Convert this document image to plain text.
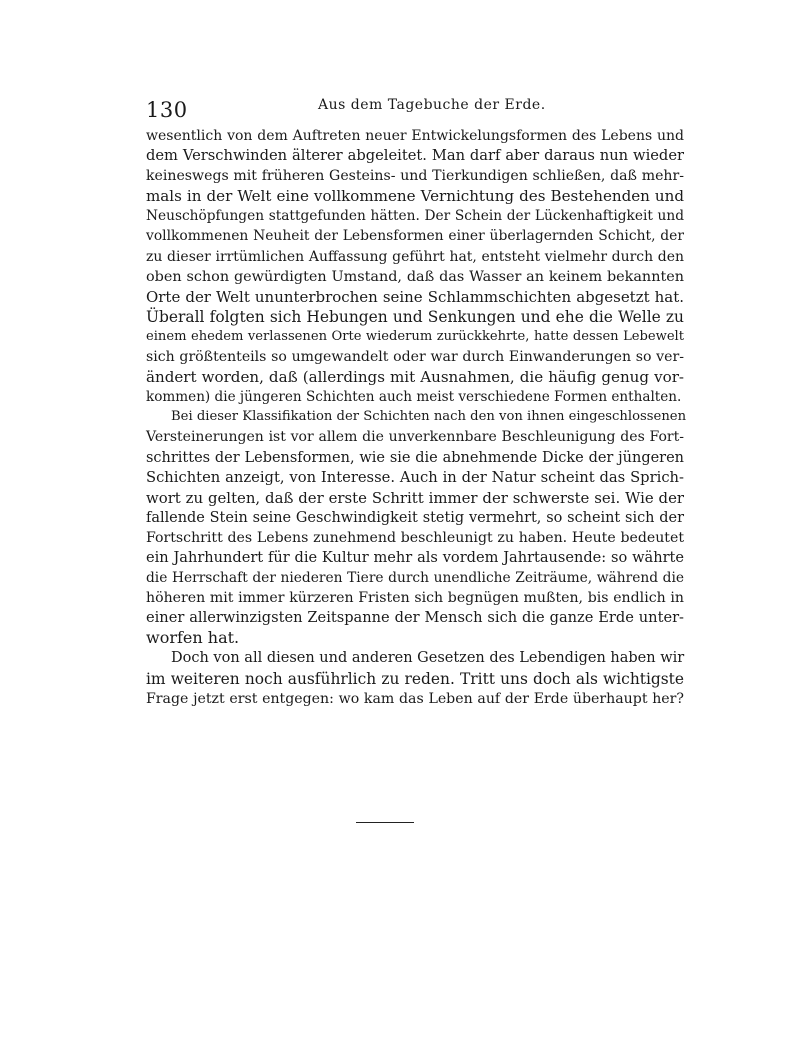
130	Aus dem Tagebuche der Erde.
wesentlich von dem Auftreten neuer Entwickelungsformen des Lebens und
dem Verschwinden älterer abgeleitet. Man darf aber daraus nun wieder
keineswegs mit früheren Gesteins- und Tierkundigen schließen, daß mehr-
mals in der Welt eine vollkommene Vernichtung des Bestehenden und
Neuschöpfungen stattgefunden hätten. Der Schein der Lückenhaftigkeit und
vollkommenen Neuheit der Lebensformen einer überlagernden Schicht, der
zu dieser irrtümlichen Auffassung geführt hat, entsteht vielmehr durch den
oben schon gewürdigten Umstand, daß das Wasser an keinem bekannten
Orte der Welt ununterbrochen seine Schlammschichten abgesetzt hat.
Überall folgten sich Hebungen und Senkungen und ehe die Welle zu
einem ehedem verlassenen Orte wiederum zurückkehrte, hatte dessen Lebewelt
sich größtenteils so umgewandelt oder war durch Einwanderungen so ver-
ändert worden, daß (allerdings mit Ausnahmen, die häufig genug vor-
kommen) die jüngeren Schichten auch meist verschiedene Formen enthalten.
Bei dieser Klassifikation der Schichten nach den von ihnen eingeschlossenen
Versteinerungen ist vor allem die unverkennbare Beschleunigung des Fort-
schrittes der Lebensformen, wie sie die abnehmende Dicke der jüngeren
Schichten anzeigt, von Interesse. Auch in der Natur scheint das Sprich-
wort zu gelten, daß der erste Schritt immer der schwerste sei. Wie der
fallende Stein seine Geschwindigkeit stetig vermehrt, so scheint sich der
Fortschritt des Lebens zunehmend beschleunigt zu haben. Heute bedeutet
ein Jahrhundert für die Kultur mehr als vordem Jahrtausende: so währte
die Herrschaft der niederen Tiere durch unendliche Zeiträume, während die
höheren mit immer kürzeren Fristen sich begnügen mußten, bis endlich in
einer allerwinzigsten Zeitspanne der Mensch sich die ganze Erde unter-
worfen hat.
Doch von all diesen und anderen Gesetzen des Lebendigen haben wir
im weiteren noch ausführlich zu reden. Tritt uns doch als wichtigste
Frage jetzt erst entgegen: wo kam das Leben auf der Erde überhaupt her?
